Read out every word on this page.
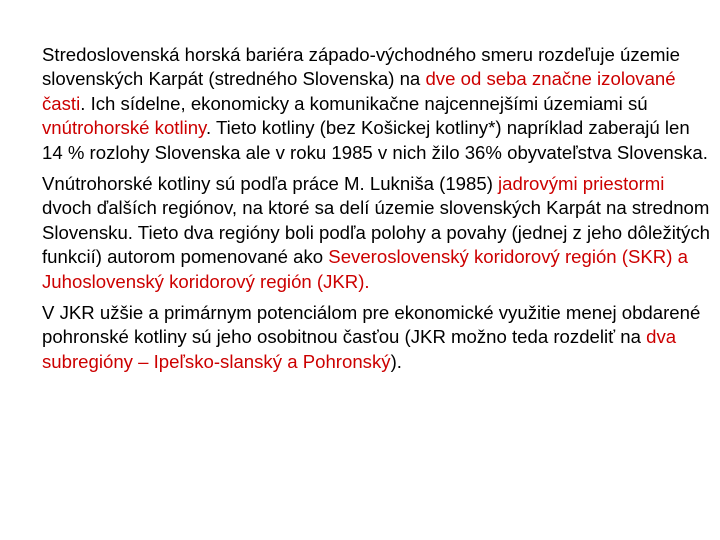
Stredoslovenská horská bariéra západo-východného smeru rozdeľuje územie slovenských Karpát (stredného Slovenska) na dve od seba značne izolované časti. Ich sídelne, ekonomicky a komunikačne najcennejšími územiami sú vnútrohorské kotliny. Tieto kotliny (bez Košickej kotliny*) napríklad zaberajú len 14 % rozlohy Slovenska ale v roku 1985 v nich žilo 36% obyvateľstva Slovenska.

Vnútrohorské kotliny sú podľa práce M. Lukniša (1985) jadrovými priestormi dvoch ďalších regiónov, na ktoré sa delí územie slovenských Karpát na strednom Slovensku. Tieto dva regióny boli podľa polohy a povahy (jednej z jeho dôležitých funkcií) autorom pomenované ako Severoslovenský koridorový región (SKR) a Juhoslovenský koridorový región (JKR).

V JKR užšie a primárnym potenciálom pre ekonomické využitie menej obdarené pohronské kotliny sú jeho osobitnou časťou (JKR možno teda rozdeliť na dva subregióny – Ipeľsko-slanský a Pohronský).
